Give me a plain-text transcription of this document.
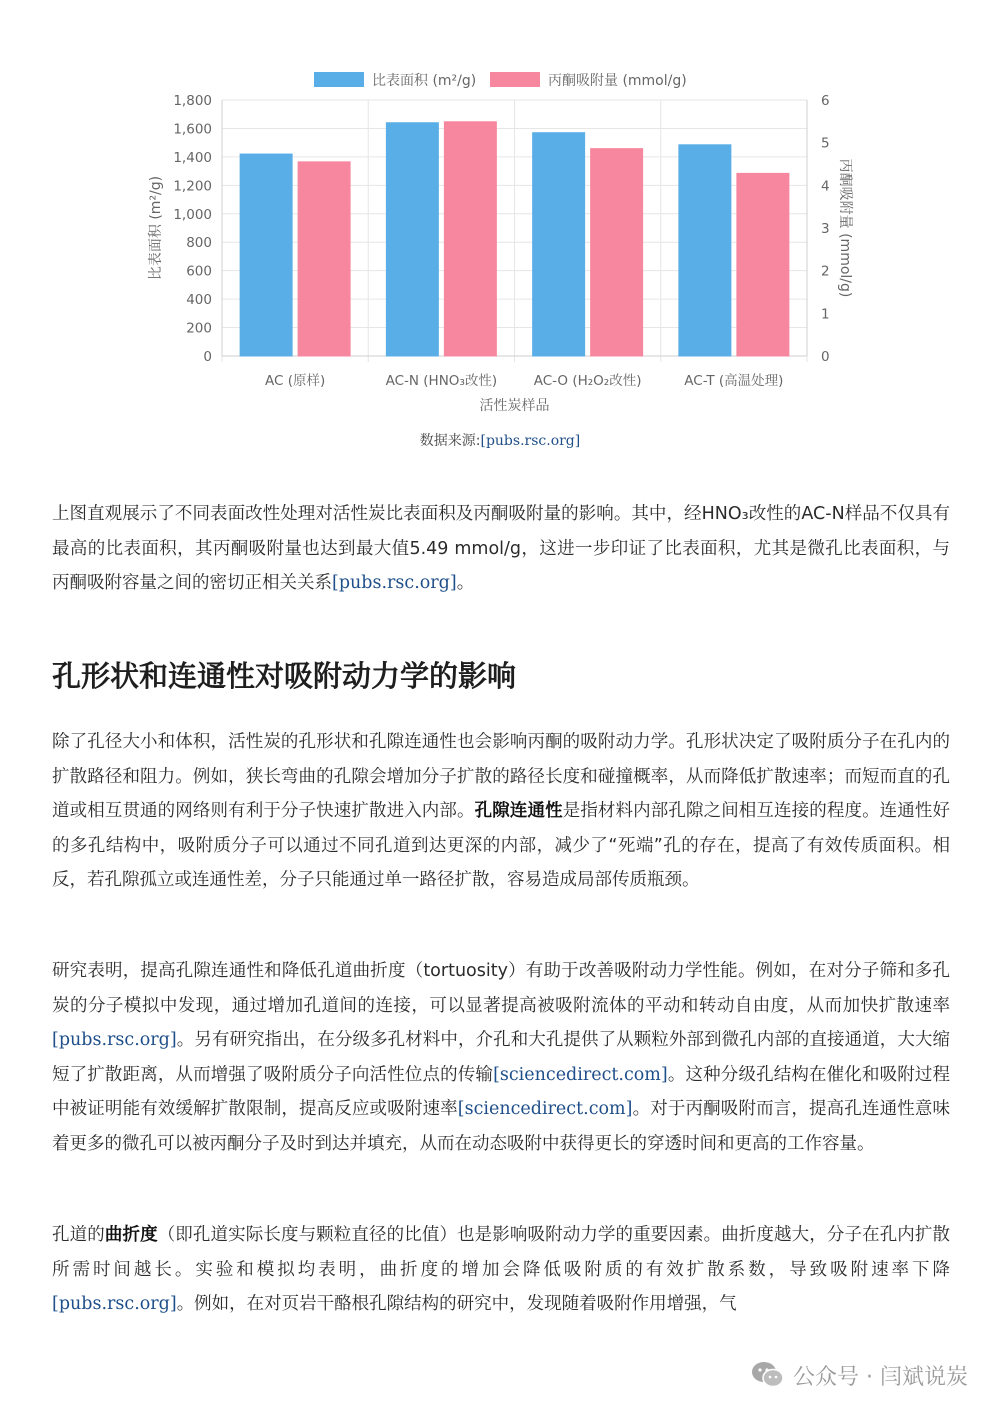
0
200
400
600
800
1,000
1,200
1,400
1,600
1,800
0
1
2
3
4
5
6
AC (原样)	AC-N (HNO₃改性)	AC-O (H₂O₂改性)	AC-T (高温处理)
活性炭样品
比表面积 (m²/g)	丙酮吸附量 (mmol/g)
比表面积 (m²/g)	丙酮吸附量 (mmol/g)
数据来源:[pubs.rsc.org]

上图直观展示了不同表面改性处理对活性炭比表面积及丙酮吸附量的影响。其中，经HNO₃改性的AC-N样品不仅具有最高的比表面积，其丙酮吸附量也达到最大值5.49 mmol/g，这进一步印证了比表面积，尤其是微孔比表面积，与丙酮吸附容量之间的密切正相关关系[pubs.rsc.org]。

孔形状和连通性对吸附动力学的影响

除了孔径大小和体积，活性炭的孔形状和孔隙连通性也会影响丙酮的吸附动力学。孔形状决定了吸附质分子在孔内的扩散路径和阻力。例如，狭长弯曲的孔隙会增加分子扩散的路径长度和碰撞概率，从而降低扩散速率；而短而直的孔道或相互贯通的网络则有利于分子快速扩散进入内部。孔隙连通性是指材料内部孔隙之间相互连接的程度。连通性好的多孔结构中，吸附质分子可以通过不同孔道到达更深的内部，减少了“死端”孔的存在，提高了有效传质面积。相反，若孔隙孤立或连通性差，分子只能通过单一路径扩散，容易造成局部传质瓶颈。

研究表明，提高孔隙连通性和降低孔道曲折度（tortuosity）有助于改善吸附动力学性能。例如，在对分子筛和多孔炭的分子模拟中发现，通过增加孔道间的连接，可以显著提高被吸附流体的平动和转动自由度，从而加快扩散速率[pubs.rsc.org]。另有研究指出，在分级多孔材料中，介孔和大孔提供了从颗粒外部到微孔内部的直接通道，大大缩短了扩散距离，从而增强了吸附质分子向活性位点的传输[sciencedirect.com]。这种分级孔结构在催化和吸附过程中被证明能有效缓解扩散限制，提高反应或吸附速率[sciencedirect.com]。对于丙酮吸附而言，提高孔连通性意味着更多的微孔可以被丙酮分子及时到达并填充，从而在动态吸附中获得更长的穿透时间和更高的工作容量。

孔道的曲折度（即孔道实际长度与颗粒直径的比值）也是影响吸附动力学的重要因素。曲折度越大，分子在孔内扩散所需时间越长。实验和模拟均表明，曲折度的增加会降低吸附质的有效扩散系数，导致吸附速率下降[pubs.rsc.org]。例如，在对页岩干酪根孔隙结构的研究中，发现随着吸附作用增强，气

公众号 · 闫斌说炭
